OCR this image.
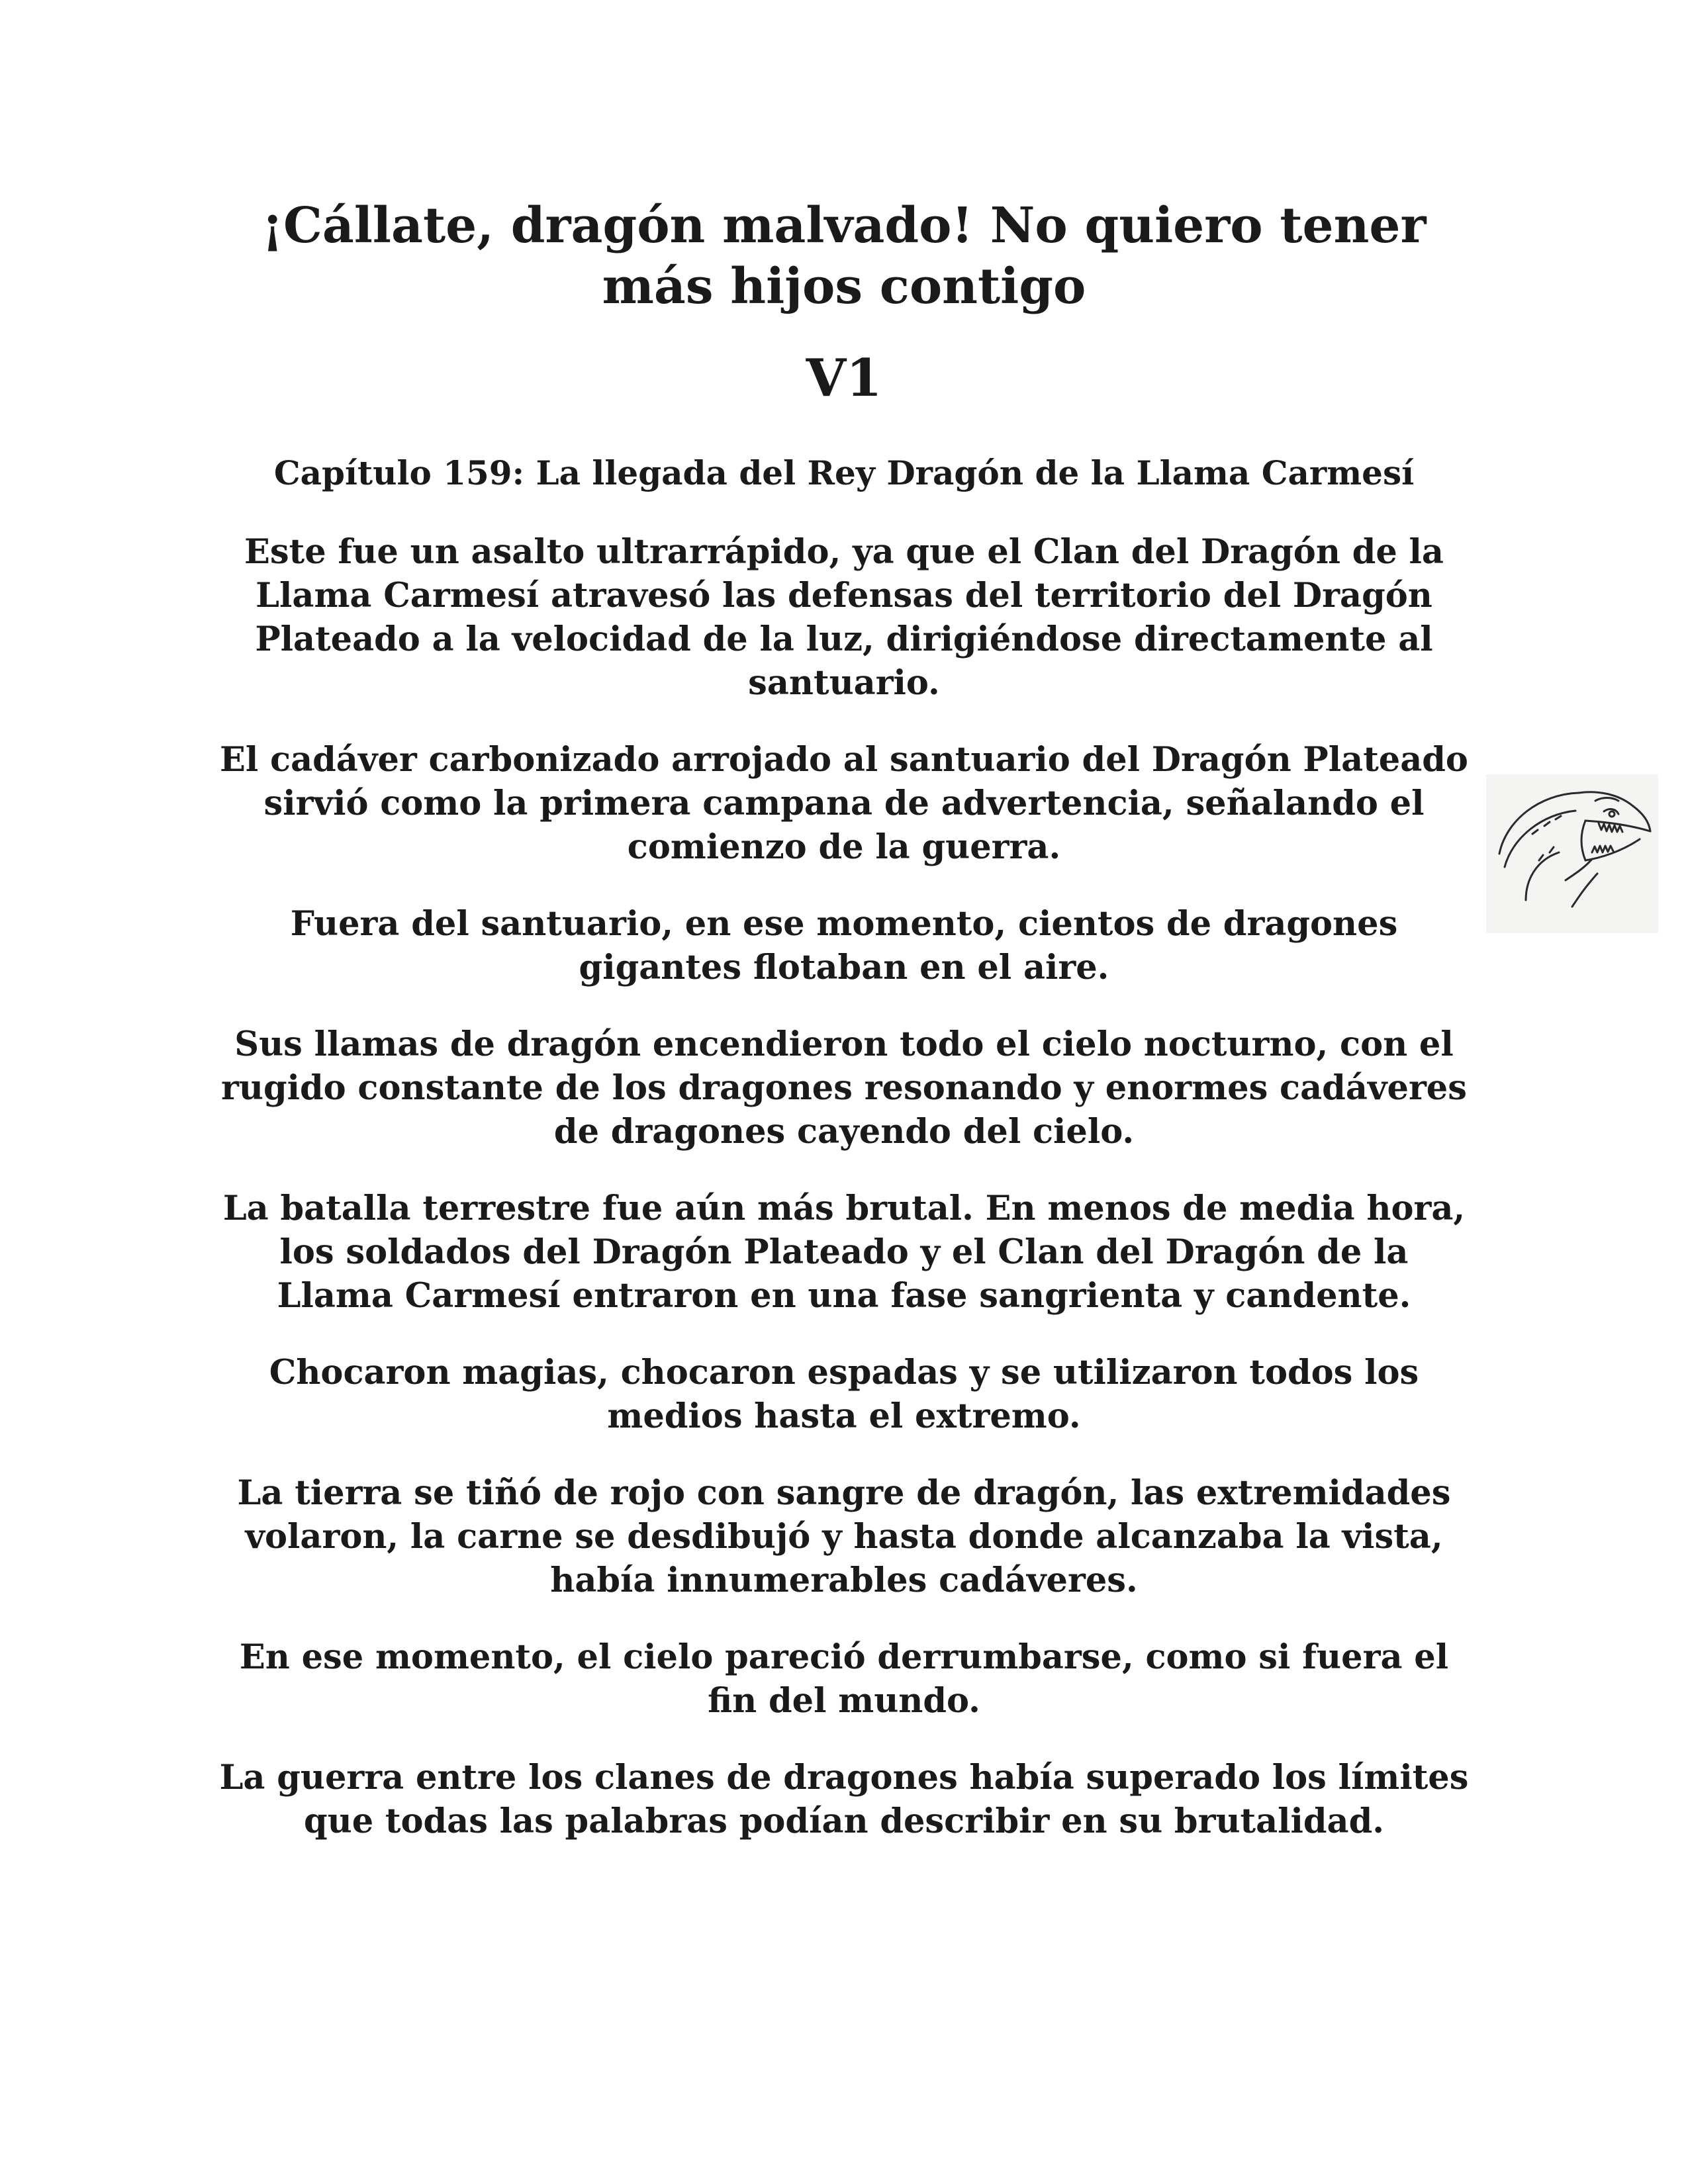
¡Cállate, dragón malvado! No quiero tener más hijos contigo
V1
Capítulo 159: La llegada del Rey Dragón de la Llama Carmesí

Este fue un asalto ultrarrápido, ya que el Clan del Dragón de la Llama Carmesí atravesó las defensas del territorio del Dragón Plateado a la velocidad de la luz, dirigiéndose directamente al santuario.

El cadáver carbonizado arrojado al santuario del Dragón Plateado sirvió como la primera campana de advertencia, señalando el comienzo de la guerra.

Fuera del santuario, en ese momento, cientos de dragones gigantes flotaban en el aire.

Sus llamas de dragón encendieron todo el cielo nocturno, con el rugido constante de los dragones resonando y enormes cadáveres de dragones cayendo del cielo.

La batalla terrestre fue aún más brutal. En menos de media hora, los soldados del Dragón Plateado y el Clan del Dragón de la Llama Carmesí entraron en una fase sangrienta y candente.

Chocaron magias, chocaron espadas y se utilizaron todos los medios hasta el extremo.

La tierra se tiñó de rojo con sangre de dragón, las extremidades volaron, la carne se desdibujó y hasta donde alcanzaba la vista, había innumerables cadáveres.

En ese momento, el cielo pareció derrumbarse, como si fuera el fin del mundo.

La guerra entre los clanes de dragones había superado los límites que todas las palabras podían describir en su brutalidad.
